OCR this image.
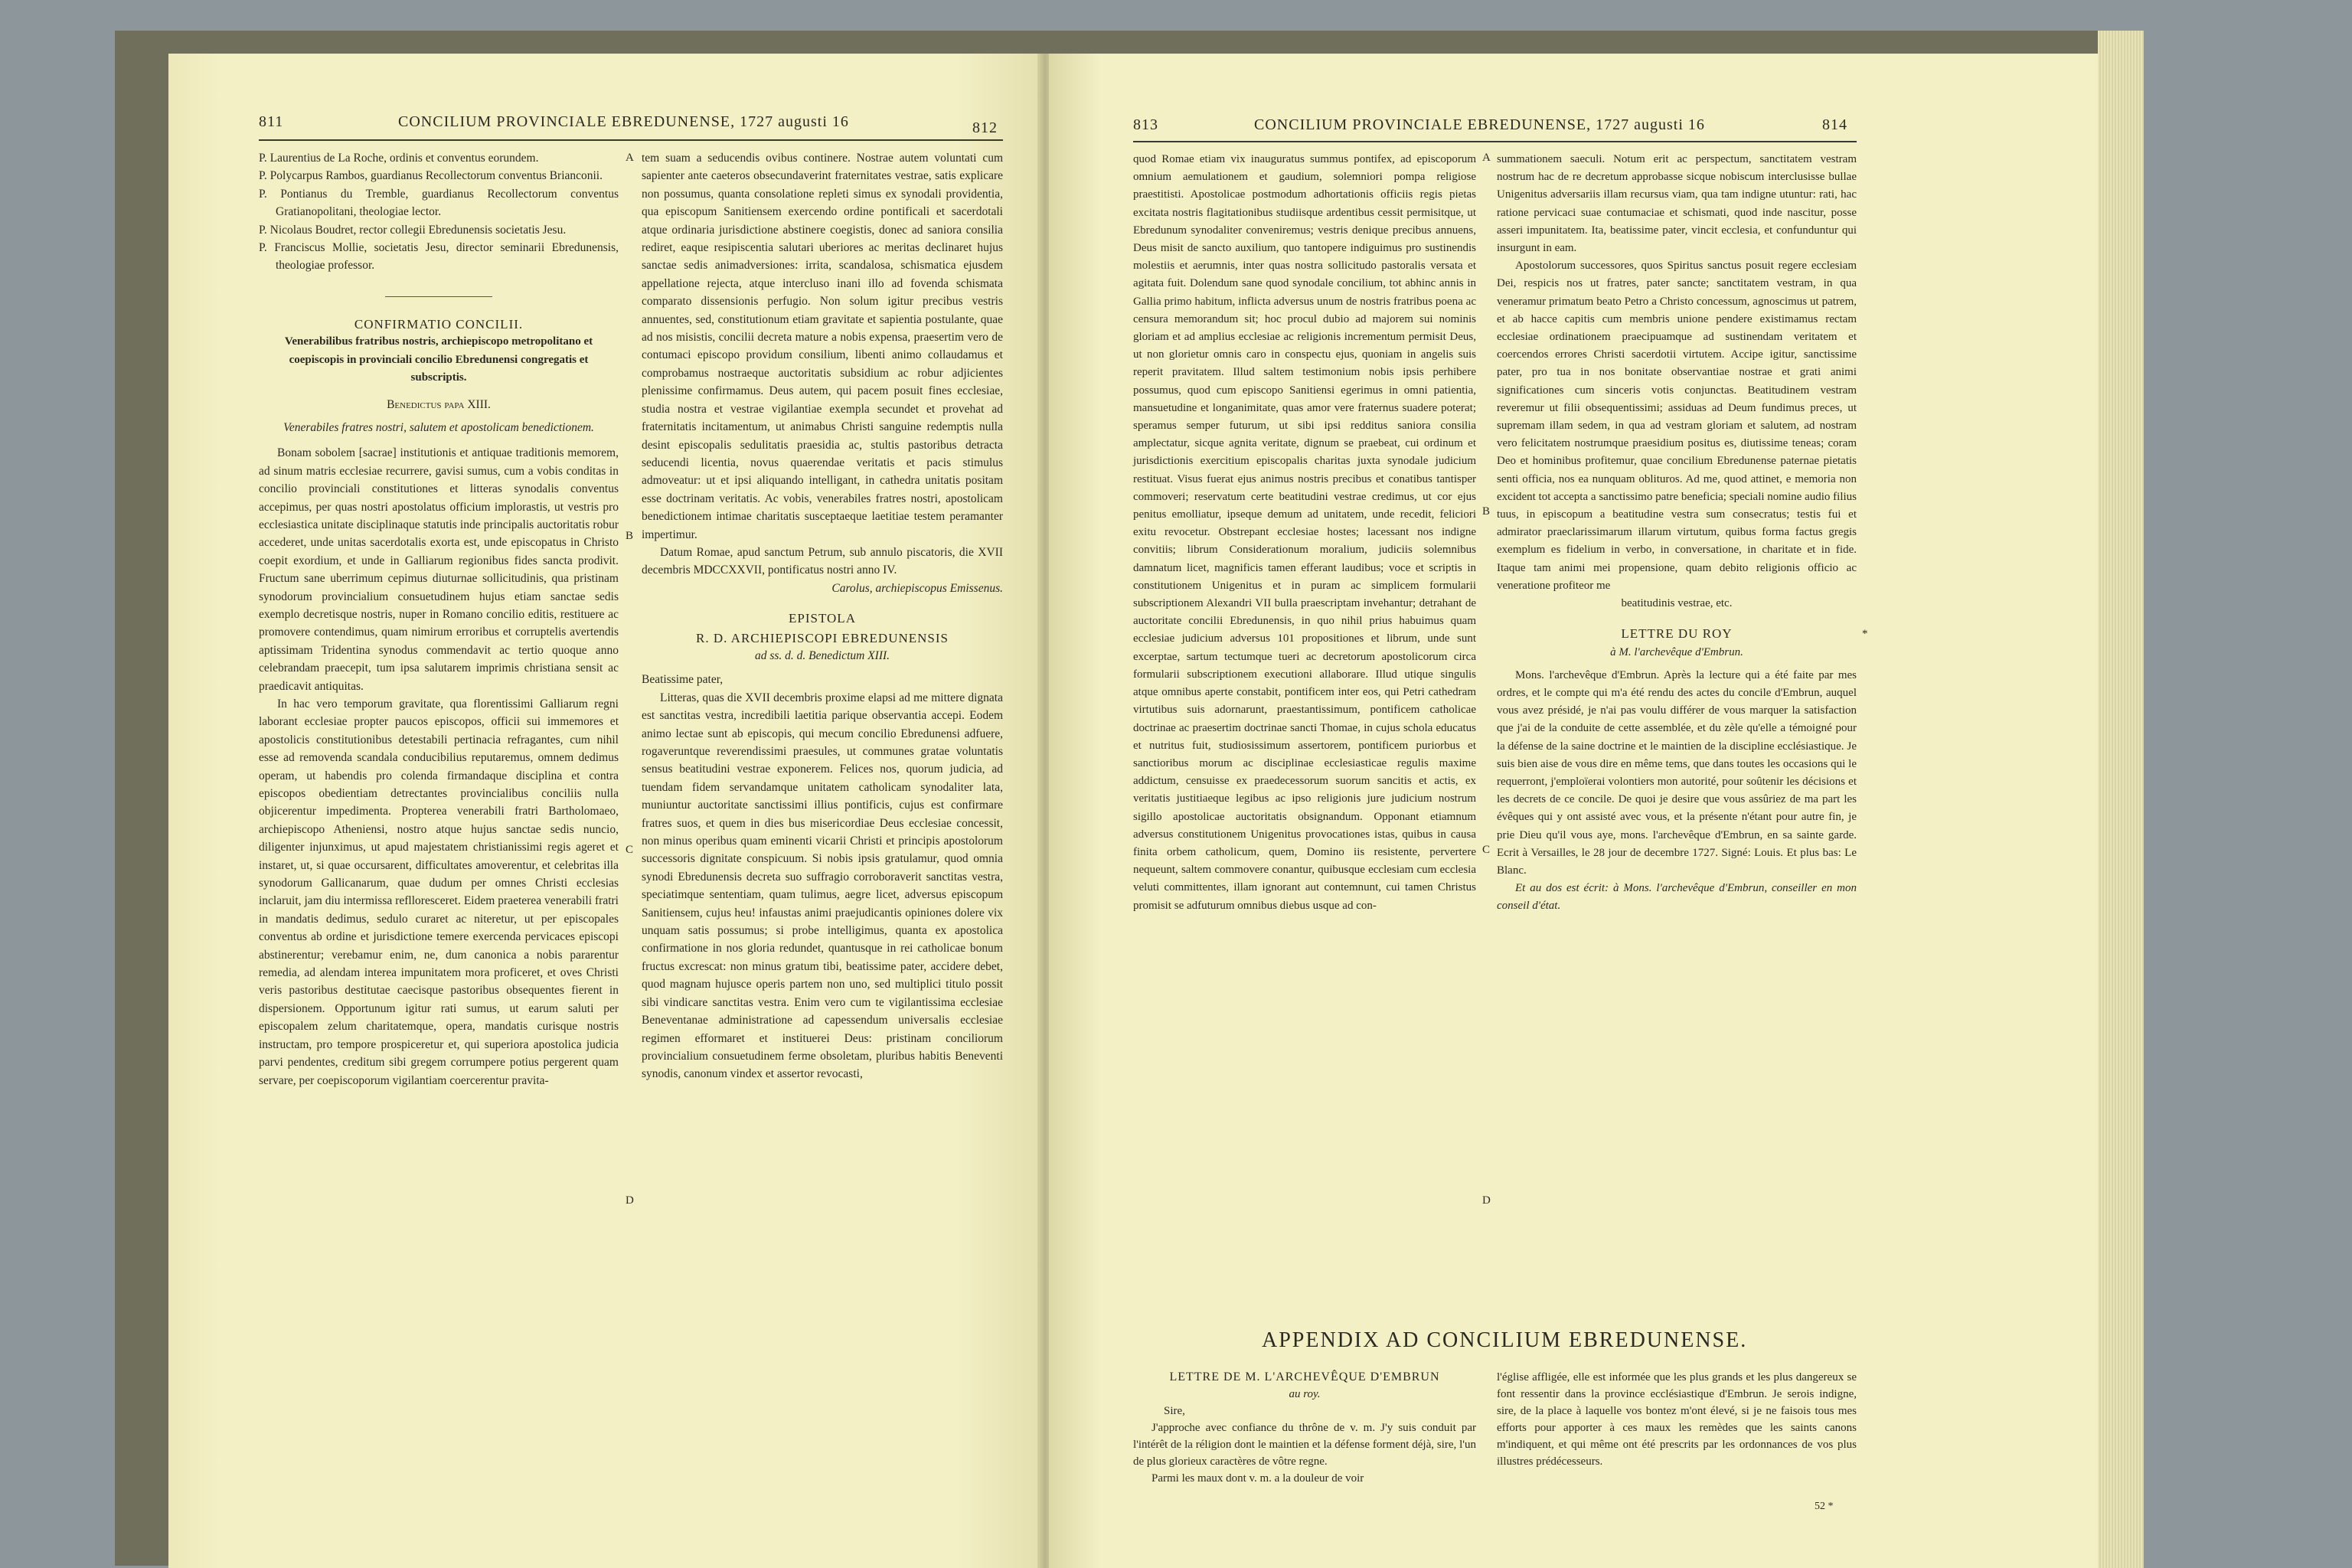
811	CONCILIUM PROVINCIALE EBREDUNENSE, 1727 augusti 16	812

P. Laurentius de La Roche, ordinis et conventus eorundem.

P. Polycarpus Rambos, guardianus Recollectorum conventus Brianconii.

P. Pontianus du Tremble, guardianus Recollectorum conventus Gratianopolitani, theologiae lector.

P. Nicolaus Boudret, rector collegii Ebredunensis societatis Jesu.

P. Franciscus Mollie, societatis Jesu, director seminarii Ebredunensis, theologiae professor.

CONFIRMATIO CONCILII.

Venerabilibus fratribus nostris, archiepiscopo metropolitano et coepiscopis in provinciali concilio Ebredunensi congregatis et subscriptis.

Benedictus papa XIII.

Venerabiles fratres nostri, salutem et apostolicam benedictionem.

Bonam sobolem [sacrae] institutionis et antiquae traditionis memorem, ad sinum matris ecclesiae recurrere, gavisi sumus, cum a vobis conditas in concilio provinciali constitutiones et litteras synodalis conventus accepimus, per quas nostri apostolatus officium implorastis, ut vestris pro ecclesiastica unitate disciplinaque statutis inde principalis auctoritatis robur accederet, unde unitas sacerdotalis exorta est, unde episcopatus in Christo coepit exordium, et unde in Galliarum regionibus fides sancta prodivit. Fructum sane uberrimum cepimus diuturnae sollicitudinis, qua pristinam synodorum provincialium consuetudinem hujus etiam sanctae sedis exemplo decretisque nostris, nuper in Romano concilio editis, restituere ac promovere contendimus, quam nimirum erroribus et corruptelis avertendis aptissimam Tridentina synodus commendavit ac tertio quoque anno celebrandam praecepit, tum ipsa salutarem imprimis christiana sensit ac praedicavit antiquitas.

In hac vero temporum gravitate, qua florentissimi Galliarum regni laborant ecclesiae propter paucos episcopos, officii sui immemores et apostolicis constitutionibus detestabili pertinacia refragantes, cum nihil esse ad removenda scandala conducibilius reputaremus, omnem dedimus operam, ut habendis pro colenda firmandaque disciplina et contra episcopos obedientiam detrectantes provincialibus conciliis nulla objicerentur impedimenta. Propterea venerabili fratri Bartholomaeo, archiepiscopo Atheniensi, nostro atque hujus sanctae sedis nuncio, diligenter injunximus, ut apud majestatem christianissimi regis ageret et instaret, ut, si quae occursarent, difficultates amoverentur, et celebritas illa synodorum Gallicanarum, quae dudum per omnes Christi ecclesias inclaruit, jam diu intermissa reflloresceret. Eidem praeterea venerabili fratri in mandatis dedimus, sedulo curaret ac niteretur, ut per episcopales conventus ab ordine et jurisdictione temere exercenda pervicaces episcopi abstinerentur; verebamur enim, ne, dum canonica a nobis pararentur remedia, ad alendam interea impunitatem mora proficeret, et oves Christi veris pastoribus destitutae caecisque pastoribus obsequentes fierent in dispersionem. Opportunum igitur rati sumus, ut earum saluti per episcopalem zelum charitatemque, opera, mandatis curisque nostris instructam, pro tempore prospiceretur et, qui superiora apostolica judicia parvi pendentes, creditum sibi gregem corrumpere potius pergerent quam servare, per coepiscoporum vigilantiam coercerentur pravita-

A
B
C
D

tem suam a seducendis ovibus continere. Nostrae autem voluntati cum sapienter ante caeteros obsecundaverint fraternitates vestrae, satis explicare non possumus, quanta consolatione repleti simus ex synodali providentia, qua episcopum Sanitiensem exercendo ordine pontificali et sacerdotali atque ordinaria jurisdictione abstinere coegistis, donec ad saniora consilia rediret, eaque resipiscentia salutari uberiores ac meritas declinaret hujus sanctae sedis animadversiones: irrita, scandalosa, schismatica ejusdem appellatione rejecta, atque intercluso inani illo ad fovenda schismata comparato dissensionis perfugio. Non solum igitur precibus vestris annuentes, sed, constitutionum etiam gravitate et sapientia postulante, quae ad nos misistis, concilii decreta mature a nobis expensa, praesertim vero de contumaci episcopo providum consilium, libenti animo collaudamus et comprobamus nostraeque auctoritatis subsidium ac robur adjicientes plenissime confirmamus. Deus autem, qui pacem posuit fines ecclesiae, studia nostra et vestrae vigilantiae exempla secundet et provehat ad fraternitatis incitamentum, ut animabus Christi sanguine redemptis nulla desint episcopalis sedulitatis praesidia ac, stultis pastoribus detracta seducendi licentia, novus quaerendae veritatis et pacis stimulus admoveatur: ut et ipsi aliquando intelligant, in cathedra unitatis positam esse doctrinam veritatis. Ac vobis, venerabiles fratres nostri, apostolicam benedictionem intimae charitatis susceptaeque laetitiae testem peramanter impertimur.

Datum Romae, apud sanctum Petrum, sub annulo piscatoris, die XVII decembris MDCCXXVII, pontificatus nostri anno IV.

Carolus, archiepiscopus Emissenus.

EPISTOLA

R. D. ARCHIEPISCOPI EBREDUNENSIS

ad ss. d. d. Benedictum XIII.

Beatissime pater,

Litteras, quas die XVII decembris proxime elapsi ad me mittere dignata est sanctitas vestra, incredibili laetitia parique observantia accepi. Eodem animo lectae sunt ab episcopis, qui mecum concilio Ebredunensi adfuere, rogaveruntque reverendissimi praesules, ut communes gratae voluntatis sensus beatitudini vestrae exponerem. Felices nos, quorum judicia, ad tuendam fidem servandamque unitatem catholicam synodaliter lata, muniuntur auctoritate sanctissimi illius pontificis, cujus est confirmare fratres suos, et quem in dies bus misericordiae Deus ecclesiae concessit, non minus operibus quam eminenti vicarii Christi et principis apostolorum successoris dignitate conspicuum. Si nobis ipsis gratulamur, quod omnia synodi Ebredunensis decreta suo suffragio corroboraverit sanctitas vestra, speciatimque sententiam, quam tulimus, aegre licet, adversus episcopum Sanitiensem, cujus heu! infaustas animi praejudicantis opiniones dolere vix unquam satis possumus; si probe intelligimus, quanta ex apostolica confirmatione in nos gloria redundet, quantusque in rei catholicae bonum fructus excrescat: non minus gratum tibi, beatissime pater, accidere debet, quod magnam hujusce operis partem non uno, sed multiplici titulo possit sibi vindicare sanctitas vestra. Enim vero cum te vigilantissima ecclesiae Beneventanae administratione ad capessendum universalis ecclesiae regimen efformaret et instituerei Deus: pristinam conciliorum provincialium consuetudinem ferme obsoletam, pluribus habitis Beneventi synodis, canonum vindex et assertor revocasti,

813	CONCILIUM PROVINCIALE EBREDUNENSE, 1727 augusti 16	814

quod Romae etiam vix inauguratus summus pontifex, ad episcoporum omnium aemulationem et gaudium, solemniori pompa religiose praestitisti. Apostolicae postmodum adhortationis officiis regis pietas excitata nostris flagitationibus studiisque ardentibus cessit permisitque, ut Ebredunum synodaliter conveniremus; vestris denique precibus annuens, Deus misit de sancto auxilium, quo tantopere indiguimus pro sustinendis molestiis et aerumnis, inter quas nostra sollicitudo pastoralis versata et agitata fuit. Dolendum sane quod synodale concilium, tot abhinc annis in Gallia primo habitum, inflicta adversus unum de nostris fratribus poena ac censura memorandum sit; hoc procul dubio ad majorem sui nominis gloriam et ad amplius ecclesiae ac religionis incrementum permisit Deus, ut non glorietur omnis caro in conspectu ejus, quoniam in angelis suis reperit pravitatem. Illud saltem testimonium nobis ipsis perhibere possumus, quod cum episcopo Sanitiensi egerimus in omni patientia, mansuetudine et longanimitate, quas amor vere fraternus suadere poterat; speramus semper futurum, ut sibi ipsi redditus saniora consilia amplectatur, sicque agnita veritate, dignum se praebeat, cui ordinum et jurisdictionis exercitium episcopalis charitas juxta synodale judicium restituat. Visus fuerat ejus animus nostris precibus et conatibus tantisper commoveri; reservatum certe beatitudini vestrae credimus, ut cor ejus penitus emolliatur, ipseque demum ad unitatem, unde recedit, feliciori exitu revocetur. Obstrepant ecclesiae hostes; lacessant nos indigne convitiis; librum Considerationum moralium, judiciis solemnibus damnatum licet, magnificis tamen efferant laudibus; voce et scriptis in constitutionem Unigenitus et in puram ac simplicem formularii subscriptionem Alexandri VII bulla praescriptam invehantur; detrahant de auctoritate concilii Ebredunensis, in quo nihil prius habuimus quam ecclesiae judicium adversus 101 propositiones et librum, unde sunt excerptae, sartum tectumque tueri ac decretorum apostolicorum circa formularii subscriptionem executioni allaborare. Illud utique singulis atque omnibus aperte constabit, pontificem inter eos, qui Petri cathedram virtutibus suis adornarunt, praestantissimum, pontificem catholicae doctrinae ac praesertim doctrinae sancti Thomae, in cujus schola educatus et nutritus fuit, studiosissimum assertorem, pontificem puriorbus et sanctioribus morum ac disciplinae ecclesiasticae regulis maxime addictum, censuisse ex praedecessorum suorum sancitis et actis, ex veritatis justitiaeque legibus ac ipso religionis jure judicium nostrum sigillo apostolicae auctoritatis obsignandum. Opponant etiamnum adversus constitutionem Unigenitus provocationes istas, quibus in causa finita orbem catholicum, quem, Domino iis resistente, pervertere nequeunt, saltem commovere conantur, quibusque ecclesiam cum ecclesia veluti committentes, illam ignorant aut contemnunt, cui tamen Christus promisit se adfuturum omnibus diebus usque ad con-

A
B
C
D

summationem saeculi. Notum erit ac perspectum, sanctitatem vestram nostrum hac de re decretum approbasse sicque nobiscum interclusisse bullae Unigenitus adversariis illam recursus viam, qua tam indigne utuntur: rati, hac ratione pervicaci suae contumaciae et schismati, quod inde nascitur, posse asseri impunitatem. Ita, beatissime pater, vincit ecclesia, et confunduntur qui insurgunt in eam.

Apostolorum successores, quos Spiritus sanctus posuit regere ecclesiam Dei, respicis nos ut fratres, pater sancte; sanctitatem vestram, in qua veneramur primatum beato Petro a Christo concessum, agnoscimus ut patrem, et ab hacce capitis cum membris unione pendere existimamus rectam ecclesiae ordinationem praecipuamque ad sustinendam veritatem et coercendos errores Christi sacerdotii virtutem. Accipe igitur, sanctissime pater, pro tua in nos bonitate observantiae nostrae et grati animi significationes cum sinceris votis conjunctas. Beatitudinem vestram reveremur ut filii obsequentissimi; assiduas ad Deum fundimus preces, ut supremam illam sedem, in qua ad vestram gloriam et salutem, ad nostram vero felicitatem nostrumque praesidium positus es, diutissime teneas; coram Deo et hominibus profitemur, quae concilium Ebredunense paternae pietatis senti officia, nos ea nunquam oblituros. Ad me, quod attinet, e memoria non excident tot accepta a sanctissimo patre beneficia; speciali nomine audio filius tuus, in episcopum a beatitudine vestra sum consecratus; testis fui et admirator praeclarissimarum illarum virtutum, quibus forma factus gregis exemplum es fidelium in verbo, in conversatione, in charitate et in fide. Itaque tam animi mei propensione, quam debito religionis officio ac veneratione profiteor me

beatitudinis vestrae, etc.

LETTRE DU ROY

à M. l'archevêque d'Embrun.

Mons. l'archevêque d'Embrun. Après la lecture qui a été faite par mes ordres, et le compte qui m'a été rendu des actes du concile d'Embrun, auquel vous avez présidé, je n'ai pas voulu différer de vous marquer la satisfaction que j'ai de la conduite de cette assemblée, et du zèle qu'elle a témoigné pour la défense de la saine doctrine et le maintien de la discipline ecclésiastique. Je suis bien aise de vous dire en même tems, que dans toutes les occasions qui le requerront, j'emploïerai volontiers mon autorité, pour soûtenir les décisions et les decrets de ce concile. De quoi je desire que vous assûriez de ma part les évêques qui y ont assisté avec vous, et la présente n'étant pour autre fin, je prie Dieu qu'il vous aye, mons. l'archevêque d'Embrun, en sa sainte garde. Ecrit à Versailles, le 28 jour de decembre 1727. Signé: Louis. Et plus bas: Le Blanc.

Et au dos est écrit: à Mons. l'archevêque d'Embrun, conseiller en mon conseil d'état.

*
APPENDIX AD CONCILIUM EBREDUNENSE.

LETTRE DE M. L'ARCHEVÊQUE D'EMBRUN

au roy.

Sire,

J'approche avec confiance du thrône de v. m. J'y suis conduit par l'intérêt de la réligion dont le maintien et la défense forment déjà, sire, l'un de plus glorieux caractères de vôtre regne.

Parmi les maux dont v. m. a la douleur de voir

l'église affligée, elle est informée que les plus grands et les plus dangereux se font ressentir dans la province ecclésiastique d'Embrun. Je serois indigne, sire, de la place à laquelle vos bontez m'ont élevé, si je ne faisois tous mes efforts pour apporter à ces maux les remèdes que les saints canons m'indiquent, et qui même ont été prescrits par les ordonnances de vos plus illustres prédécesseurs.

52 *
